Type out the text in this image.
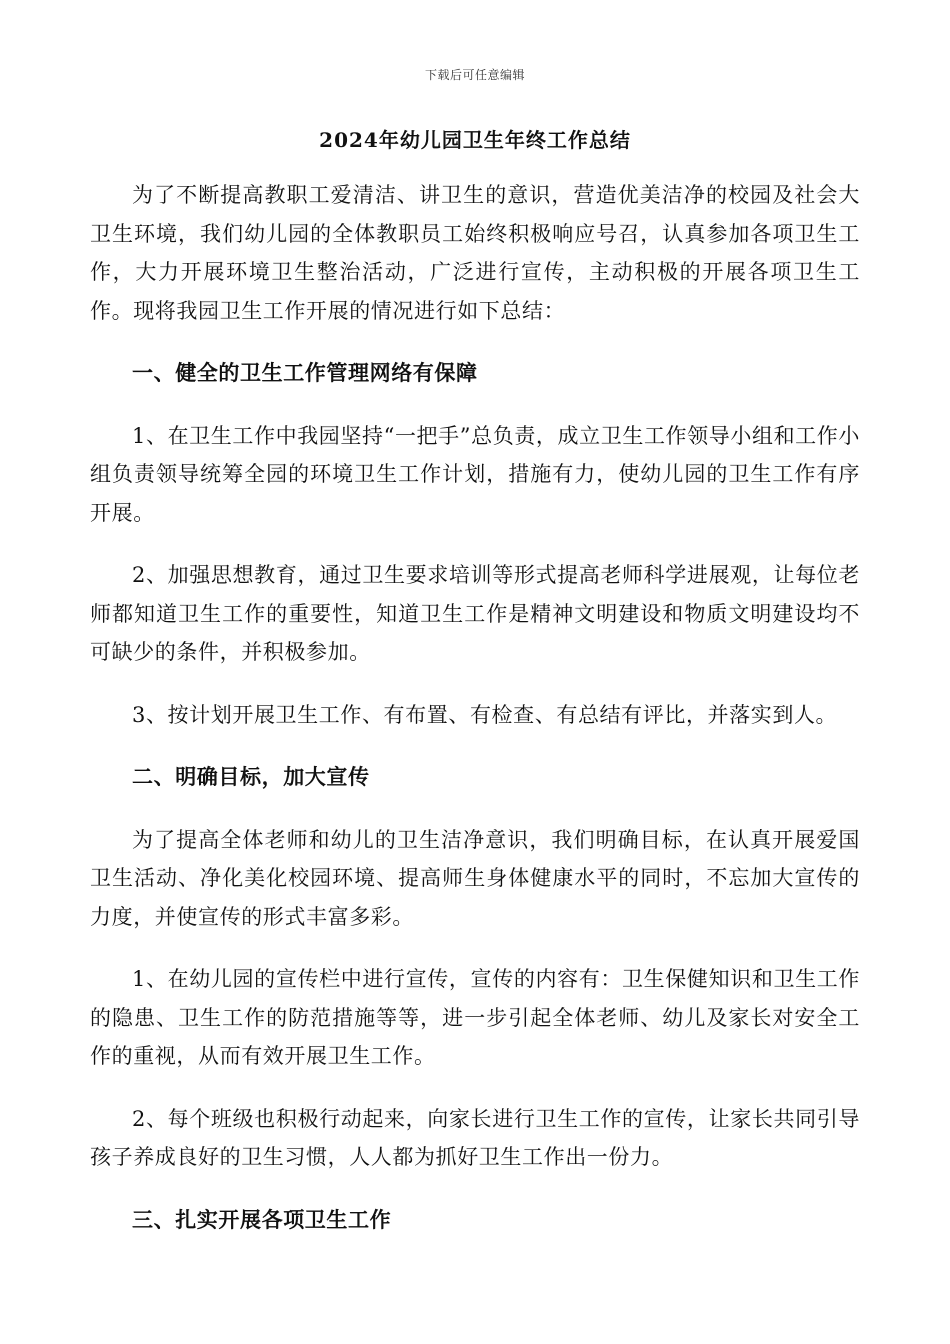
下载后可任意编辑
2024年幼儿园卫生年终工作总结

为了不断提高教职工爱清洁、讲卫生的意识，营造优美洁净的校园及社会大卫生环境，我们幼儿园的全体教职员工始终积极响应号召，认真参加各项卫生工作，大力开展环境卫生整治活动，广泛进行宣传，主动积极的开展各项卫生工作。现将我园卫生工作开展的情况进行如下总结：

一、健全的卫生工作管理网络有保障

1、在卫生工作中我园坚持“一把手”总负责，成立卫生工作领导小组和工作小组负责领导统筹全园的环境卫生工作计划，措施有力，使幼儿园的卫生工作有序开展。

2、加强思想教育，通过卫生要求培训等形式提高老师科学进展观，让每位老师都知道卫生工作的重要性，知道卫生工作是精神文明建设和物质文明建设均不可缺少的条件，并积极参加。

3、按计划开展卫生工作、有布置、有检查、有总结有评比，并落实到人。

二、明确目标，加大宣传

为了提高全体老师和幼儿的卫生洁净意识，我们明确目标，在认真开展爱国卫生活动、净化美化校园环境、提高师生身体健康水平的同时，不忘加大宣传的力度，并使宣传的形式丰富多彩。

1、在幼儿园的宣传栏中进行宣传，宣传的内容有：卫生保健知识和卫生工作的隐患、卫生工作的防范措施等等，进一步引起全体老师、幼儿及家长对安全工作的重视，从而有效开展卫生工作。

2、每个班级也积极行动起来，向家长进行卫生工作的宣传，让家长共同引导孩子养成良好的卫生习惯，人人都为抓好卫生工作出一份力。

三、扎实开展各项卫生工作
